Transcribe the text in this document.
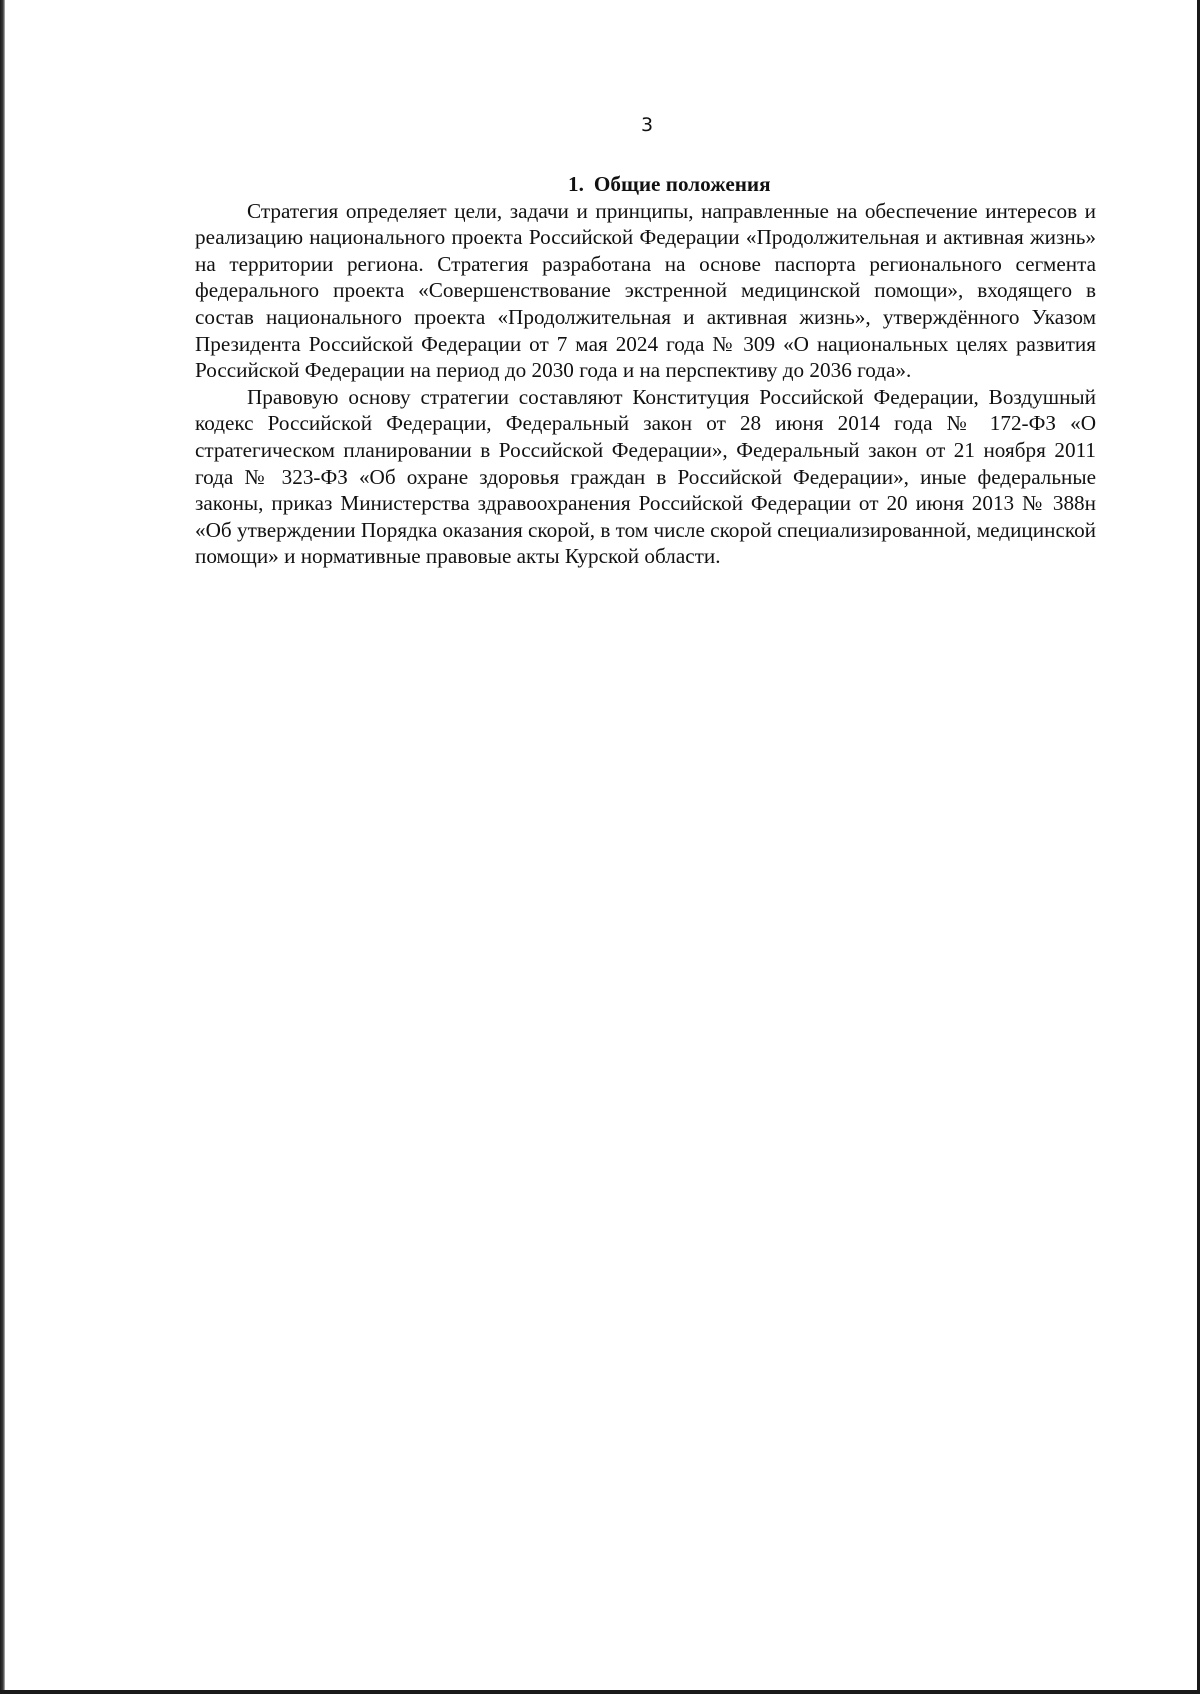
3
1. Общие положения

Стратегия определяет цели, задачи и принципы, направленные на обеспечение интересов и реализацию национального проекта Российской Федерации «Продолжительная и активная жизнь» на территории региона. Стратегия разработана на основе паспорта регионального сегмента федерального проекта «Совершенствование экстренной медицинской помощи», входящего в состав национального проекта «Продолжительная и активная жизнь», утверждённого Указом Президента Российской Федерации от 7 мая 2024 года № 309 «О национальных целях развития Российской Федерации на период до 2030 года и на перспективу до 2036 года».

Правовую основу стратегии составляют Конституция Российской Федерации, Воздушный кодекс Российской Федерации, Федеральный закон от 28 июня 2014 года № 172-ФЗ «О стратегическом планировании в Российской Федерации», Федеральный закон от 21 ноября 2011 года № 323-ФЗ «Об охране здоровья граждан в Российской Федерации», иные федеральные законы, приказ Министерства здравоохранения Российской Федерации от 20 июня 2013 № 388н «Об утверждении Порядка оказания скорой, в том числе скорой специализированной, медицинской помощи» и нормативные правовые акты Курской области.
